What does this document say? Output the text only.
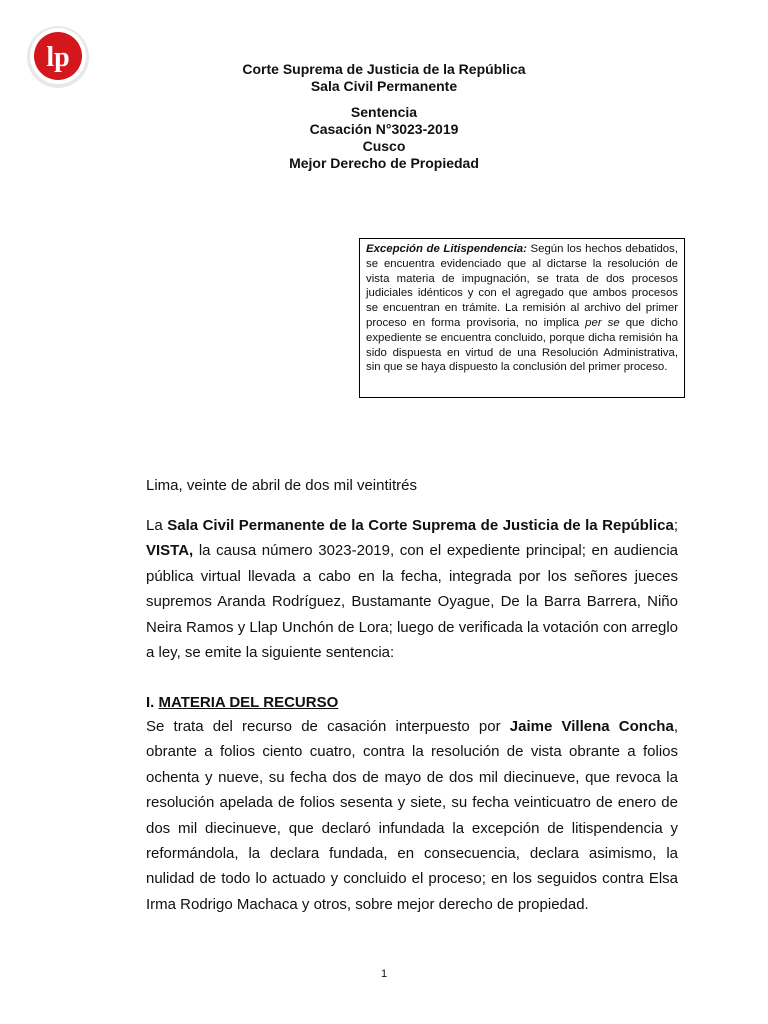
lp	Corte Suprema de Justicia de la República
Sala Civil Permanente
Sentencia
Casación N°3023-2019
Cusco
Mejor Derecho de Propiedad
Excepción de Litispendencia: Según los hechos debatidos, se encuentra evidenciado que al dictarse la resolución de vista materia de impugnación, se trata de dos procesos judiciales idénticos y con el agregado que ambos procesos se encuentran en trámite. La remisión al archivo del primer proceso en forma provisoria, no implica per se que dicho expediente se encuentra concluido, porque dicha remisión ha sido dispuesta en virtud de una Resolución Administrativa, sin que se haya dispuesto la conclusión del primer proceso.
Lima, veinte de abril de dos mil veintitrés
La Sala Civil Permanente de la Corte Suprema de Justicia de la República; VISTA, la causa número 3023-2019, con el expediente principal; en audiencia pública virtual llevada a cabo en la fecha, integrada por los señores jueces supremos Aranda Rodríguez, Bustamante Oyague, De la Barra Barrera, Niño Neira Ramos y Llap Unchón de Lora; luego de verificada la votación con arreglo a ley, se emite la siguiente sentencia:
I. MATERIA DEL RECURSO
Se trata del recurso de casación interpuesto por Jaime Villena Concha, obrante a folios ciento cuatro, contra la resolución de vista obrante a folios ochenta y nueve, su fecha dos de mayo de dos mil diecinueve, que revoca la resolución apelada de folios sesenta y siete, su fecha veinticuatro de enero de dos mil diecinueve, que declaró infundada la excepción de litispendencia y reformándola, la declara fundada, en consecuencia, declara asimismo, la nulidad de todo lo actuado y concluido el proceso; en los seguidos contra Elsa Irma Rodrigo Machaca y otros, sobre mejor derecho de propiedad.
1
